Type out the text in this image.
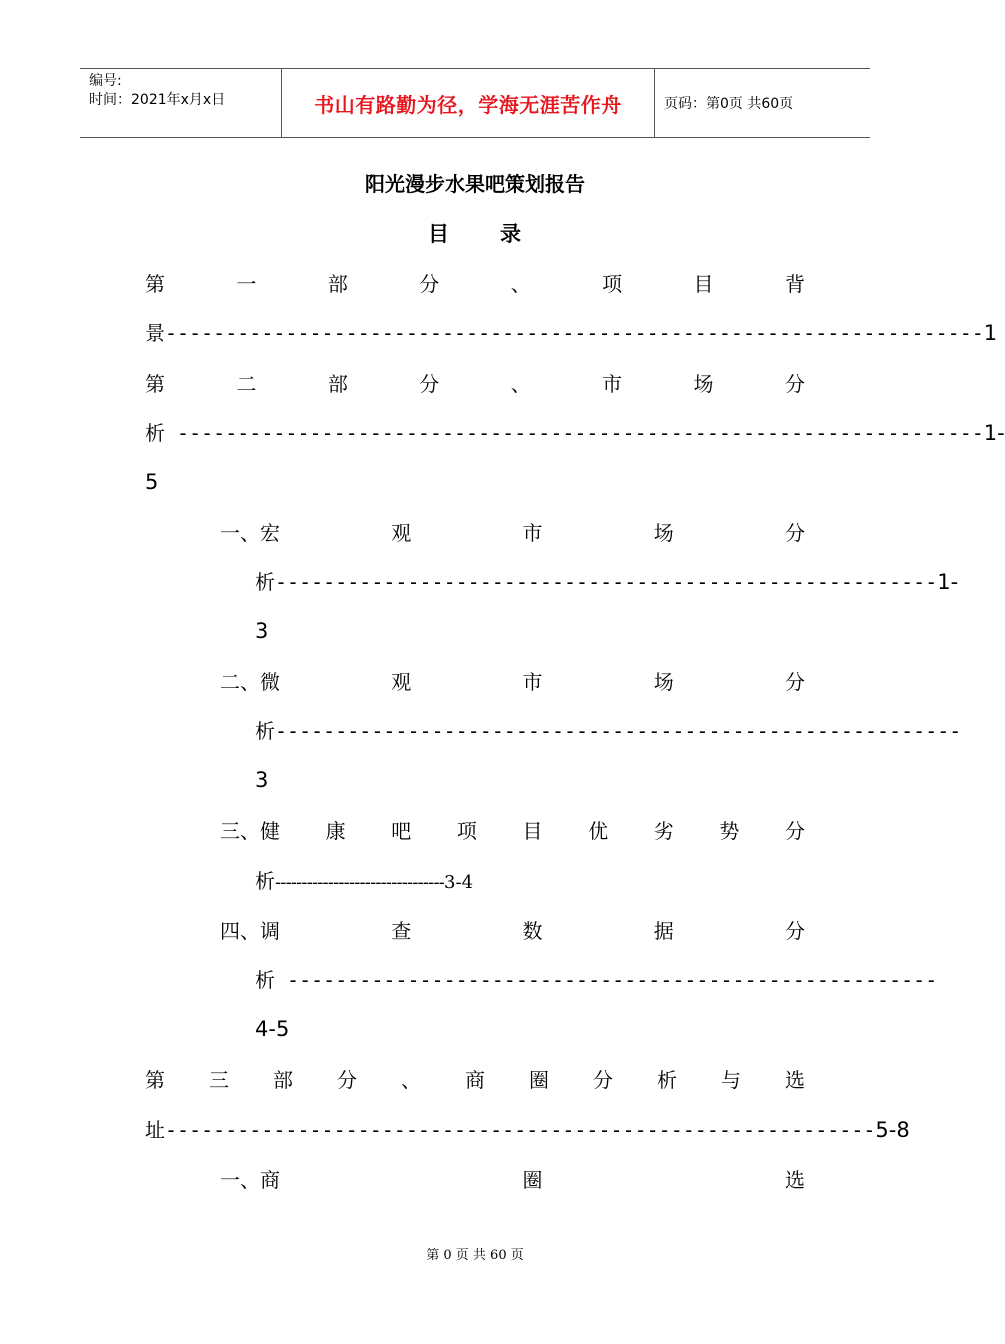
编号:
时间：2021年x月x日	书山有路勤为径，学海无涯苦作舟	页码：第0页 共60页
阳光漫步水果吧策划报告
目 录
第	一	部	分	、	项	目	背
景--------------------------------------------------------------------1
第	二	部	分	、	市	场	分
析 -------------------------------------------------------------------1-
5
一、宏	观	市	场	分
析-------------------------------------------------------1-
3
二、微	观	市	场	分
析---------------------------------------------------------
3
三、健 康 吧 项 目 优 劣 势 分
析--------------------------------3-4
四、调	查	数	据	分
析 ------------------------------------------------------
4-5
第 三 部 分 、 商 圈 分 析 与 选
址-----------------------------------------------------------5-8
一、商	圈	选
第 0 页 共 60 页
